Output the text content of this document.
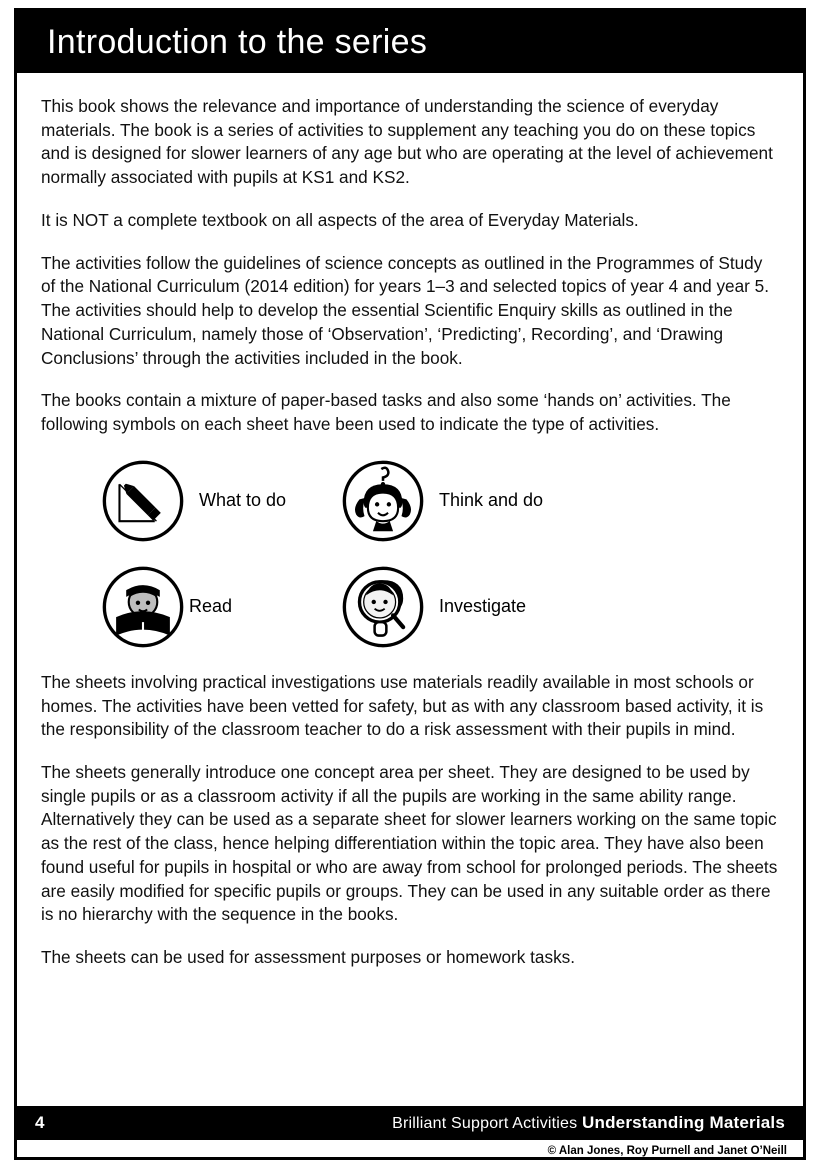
Introduction to the series

This book shows the relevance and importance of understanding the science of everyday materials. The book is a series of activities to supplement any teaching you do on these topics and is designed for slower learners of any age but who are operating at the level of achievement normally associated with pupils at KS1 and KS2.

It is NOT a complete textbook on all aspects of the area of Everyday Materials.

The activities follow the guidelines of science concepts as outlined in the Programmes of Study of the National Curriculum (2014 edition) for years 1–3 and selected topics of year 4 and year 5. The activities should help to develop the essential Scientific Enquiry skills as outlined in the National Curriculum, namely those of ‘Observation’, ‘Predicting’, Recording’, and ‘Drawing Conclusions’ through the activities included in the book.

The books contain a mixture of paper-based tasks and also some ‘hands on’ activities. The following symbols on each sheet have been used to indicate the type of activities.

What to do	Think and do
Read	Investigate

The sheets involving practical investigations use materials readily available in most schools or homes. The activities have been vetted for safety, but as with any classroom based activity, it is the responsibility of the classroom teacher to do a risk assessment with their pupils in mind.

The sheets generally introduce one concept area per sheet. They are designed to be used by single pupils or as a classroom activity if all the pupils are working in the same ability range. Alternatively they can be used as a separate sheet for slower learners working on the same topic as the rest of the class, hence helping differentiation within the topic area. They have also been found useful for pupils in hospital or who are away from school for prolonged periods. The sheets are easily modified for specific pupils or groups. They can be used in any suitable order as there is no hierarchy with the sequence in the books.

The sheets can be used for assessment purposes or homework tasks.

4	Brilliant Support Activities Understanding Materials
© Alan Jones, Roy Purnell and Janet O’Neill
